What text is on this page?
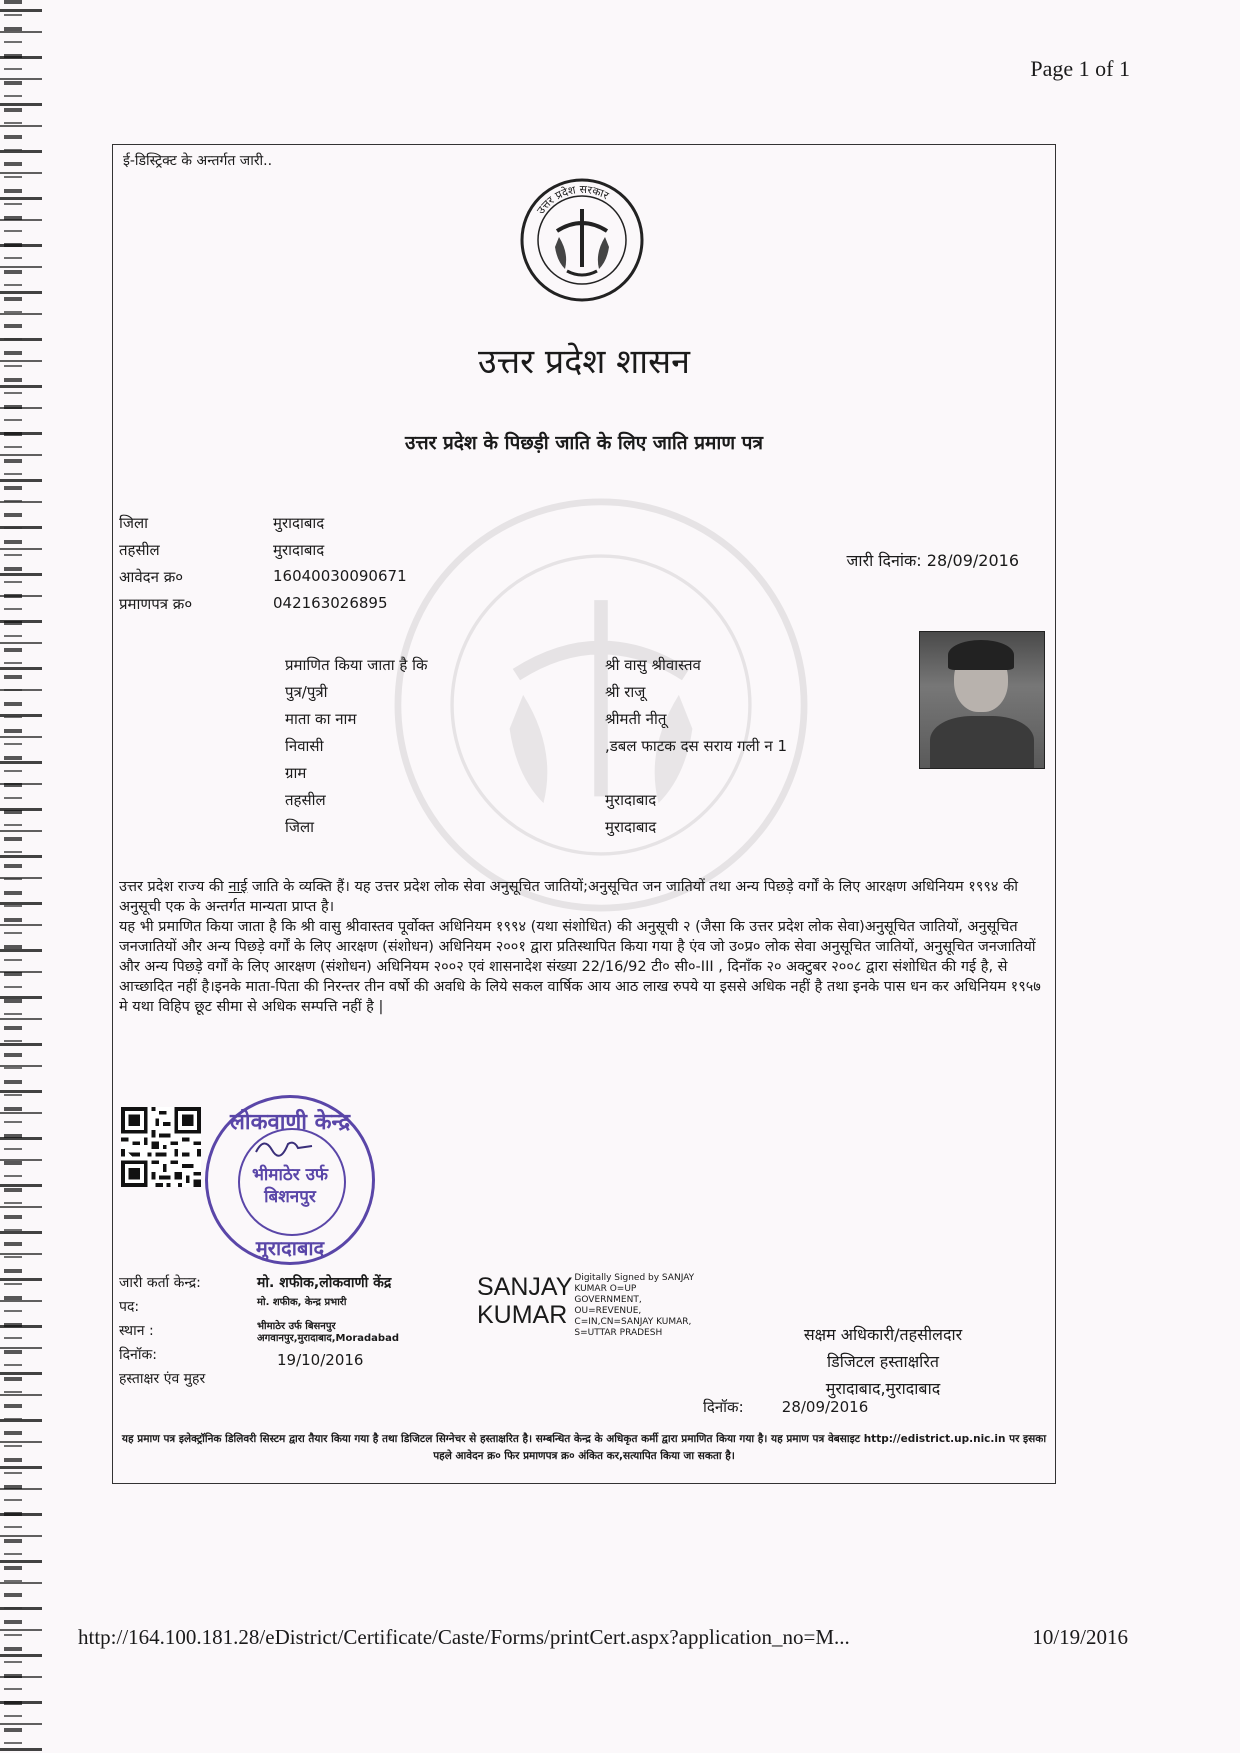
Page 1 of 1
ई-डिस्ट्रिक्ट के अन्तर्गत जारी..
उत्तर प्रदेश सरकार
उत्तर प्रदेश शासन
उत्तर प्रदेश के पिछड़ी जाति के लिए जाति प्रमाण पत्र
जिला	मुरादाबाद
तहसील	मुरादाबाद
आवेदन क्र०	16040030090671
प्रमाणपत्र क्र०	042163026895
जारी दिनांक: 28/09/2016
प्रमाणित किया जाता है कि	श्री वासु श्रीवास्तव
पुत्र/पुत्री	श्री राजू
माता का नाम	श्रीमती नीतू
निवासी	,डबल फाटक दस सराय गली न 1
ग्राम
तहसील	मुरादाबाद
जिला	मुरादाबाद

उत्तर प्रदेश राज्य की नाई जाति के व्यक्ति हैं। यह उत्तर प्रदेश लोक सेवा अनुसूचित जातियों;अनुसूचित जन जातियों तथा अन्य पिछड़े वर्गों के लिए आरक्षण अधिनियम १९९४ की अनुसूची एक के अन्तर्गत मान्यता प्राप्त है।

यह भी प्रमाणित किया जाता है कि श्री वासु श्रीवास्तव पूर्वोक्त अधिनियम १९९४ (यथा संशोधित) की अनुसूची २ (जैसा कि उत्तर प्रदेश लोक सेवा)अनुसूचित जातियों, अनुसूचित जनजातियों और अन्य पिछड़े वर्गों के लिए आरक्षण (संशोधन) अधिनियम २००१ द्वारा प्रतिस्थापित किया गया है एंव जो उ०प्र० लोक सेवा अनुसूचित जातियों, अनुसूचित जनजातियों और अन्य पिछड़े वर्गों के लिए आरक्षण (संशोधन) अधिनियम २००२ एवं शासनादेश संख्या 22/16/92 टी० सी०-III , दिनाँक २० अक्टुबर २००८ द्वारा संशोधित की गई है, से आच्छादित नहीं है।इनके माता-पिता की निरन्तर तीन वर्षो की अवधि के लिये सकल वार्षिक आय आठ लाख रुपये या इससे अधिक नहीं है तथा इनके पास धन कर अधिनियम १९५७ मे यथा विहिप छूट सीमा से अधिक सम्पत्ति नहीं है |

लोकवाणी केन्द्र
भीमाठेर उर्फ
बिशनपुर
मुरादाबाद
जारी कर्ता केन्द्र:	मो. शफीक,लोकवाणी केंद्र
पद:	मो. शफीक, केन्द्र प्रभारी
स्थान :	भीमाठेर उर्फ बिसनपुर
अगवानपुर,मुरादाबाद,Moradabad
दिनॉक:	19/10/2016
हस्ताक्षर एंव मुहर
SANJAY
KUMAR
Digitally Signed by SANJAY KUMAR O=UP GOVERNMENT, OU=REVENUE, C=IN,CN=SANJAY KUMAR, S=UTTAR PRADESH	सक्षम अधिकारी/तहसीलदार
डिजिटल हस्ताक्षरित
मुरादाबाद,मुरादाबाद
दिनॉक:	28/09/2016
यह प्रमाण पत्र इलेक्ट्रॉनिक डिलिवरी सिस्टम द्वारा तैयार किया गया है तथा डिजिटल सिग्नेचर से हस्ताक्षरित है। सम्बन्धित केन्द्र के अधिकृत कर्मी द्वारा प्रमाणित किया गया है। यह प्रमाण पत्र वेबसाइट http://edistrict.up.nic.in पर इसका पहले आवेदन क्र० फिर प्रमाणपत्र क्र० अंकित कर,सत्यापित किया जा सकता है।
http://164.100.181.28/eDistrict/Certificate/Caste/Forms/printCert.aspx?application_no=M...	10/19/2016
